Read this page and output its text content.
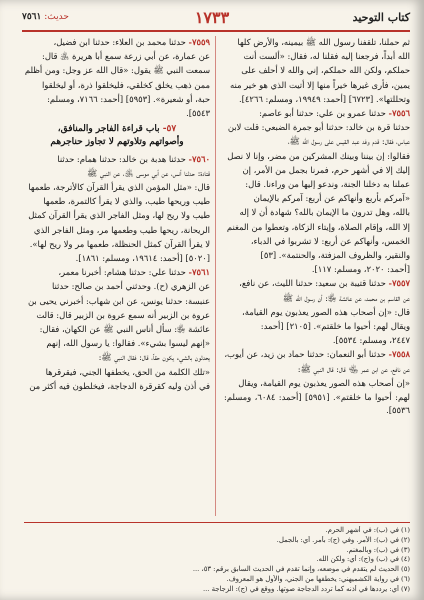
كتاب التوحيد
١٧٣٣
حديث: ٧٥٦١

ثم حملنا، تلقفنا رسول الله ﷺ بيمينه، والأرض كلها

الله أبداً، فرجعنا إليه فقلنا له، فقال: «ألست أنت

حملكم، ولكن الله حملكم، إني والله لا أحلف على

يمين، فأرى غيرها خيراً منها إلا أتيت الذي هو خير منه

وتحللتها». [٦٧٢٣] [أحمد: ١٩٩٤٩، ومسلم: ٤٢٦٦].

٧٥٥٦- حدثنا عمرو بن علي: حدثنا أبو عاصم:

حدثنا قرة بن خالد: حدثنا أبو جمرة الضبعي: قلت لابن

عباس، فقال: قدم وفد عبد القيس على رسول الله ﷺ،

فقالوا: إن بيننا وبينك المشركين من مضر، وإنا لا نصل

إليك إلا في أشهر حرم، فمرنا بجمل من الأمر، إن

عملنا به دخلنا الجنة، وندعو إليها من وراءنا. قال:

«آمركم بأربع وأنهاكم عن أربع: آمركم بالإيمان

بالله، وهل تدرون ما الإيمان بالله؟ شهادة أن لا إله

إلا الله، وإقام الصلاة، وإيتاء الزكاة، وتعطوا من المغنم

الخمس، وأنهاكم عن أربع: لا تشربوا في الدباء،

والنقير، والظروف المزفتة، والحنتمة». [٥٣]

[أحمد: ٢٠٢٠، ومسلم: ١١٧].

٧٥٥٧- حدثنا قتيبة بن سعيد: حدثنا الليث، عن نافع،

عن القاسم بن محمد، عن عائشة ﵂: أن رسول الله ﷺ

قال: «إن أصحاب هذه الصور يعذبون يوم القيامة،

ويقال لهم: أحيوا ما خلقتم». [٢١٠٥] [أحمد:

٢٤٤٧، ومسلم: ٥٥٣٤].

٧٥٥٨- حدثنا أبو النعمان: حدثنا حماد بن زيد، عن أيوب،

عن نافع، عن ابن عمر ﵄ قال: قال النبي ﷺ:

«إن أصحاب هذه الصور يعذبون يوم القيامة، ويقال

لهم: أحيوا ما خلقتم». [٥٩٥١] [أحمد: ٦٠٨٤، ومسلم: ٥٥٣٦].

٧٥٥٩- حدثنا محمد بن العلاء: حدثنا ابن فضيل،

عن عمارة، عن أبي زرعة سمع أبا هريرة ﵁ قال:

سمعت النبي ﷺ يقول: «قال الله عز وجل: ومن أظلم

ممن ذهب يخلق كخلقي، فليخلقوا ذرة، أو ليخلقوا

حبة، أو شعيرة». [٥٩٥٣] [أحمد: ٧١٦٦، ومسلم:

٥٥٤٣].

٥٧- باب قراءة الفاجر والمنافق،
وأصواتهم وتلاوتهم لا تجاوز حناجرهم

٧٥٦٠- حدثنا هدبة بن خالد: حدثنا همام: حدثنا

قتادة: حدثنا أنس، عن أبي موسى ﵁، عن النبي ﷺ

قال: «مثل المؤمن الذي يقرأ القرآن كالأترجة، طعمها

طيب وريحها طيب، والذي لا يقرأ كالتمرة، طعمها

طيب ولا ريح لها، ومثل الفاجر الذي يقرأ القرآن كمثل

الريحانة، ريحها طيب وطعمها مر، ومثل الفاجر الذي

لا يقرأ القرآن كمثل الحنظلة، طعمها مر ولا ريح لها».

[٥٠٢٠] [أحمد: ١٩٦١٤، ومسلم: ١٨٦١].

٧٥٦١- حدثنا علي: حدثنا هشام: أخبرنا معمر،

عن الزهري (ح). وحدثني أحمد بن صالح: حدثنا

عنبسة: حدثنا يونس، عن ابن شهاب: أخبرني يحيى بن

عروة بن الزبير أنه سمع عروة بن الزبير قال: قالت

عائشة ﵂: سأل أناس النبي ﷺ عن الكهان، فقال:

«إنهم ليسوا بشيء». فقالوا: يا رسول الله، إنهم

يحدثون بالشيء يكون حقاً، قال: فقال النبي ﷺ:

«تلك الكلمة من الحق، يخطفها الجني، فيقرقرها

في أذن وليه كقرقرة الدجاجة، فيخلطون فيه أكثر من

(١) في (ب): في أشهر الحرم.
(٢) في (ب): الأمر. وفي (ج): بأمر. أي: بالجمل.
(٣) في (ب): وبالمغنم.
(٤) في (ب) و(ج): أي: ولكن الله.
(٥) الحديث لم يتقدم في موضعه، وإنما تقدم في الحديث السابق برقم: ٥٣، ...
(٦) في رواية الكشميهني: يخطفها من الجني، والأول هو المعروف.
(٧) أي: يرددها في أذنه كما تردد الدجاجة صوتها. ووقع في (ج): الزجاجة ...
